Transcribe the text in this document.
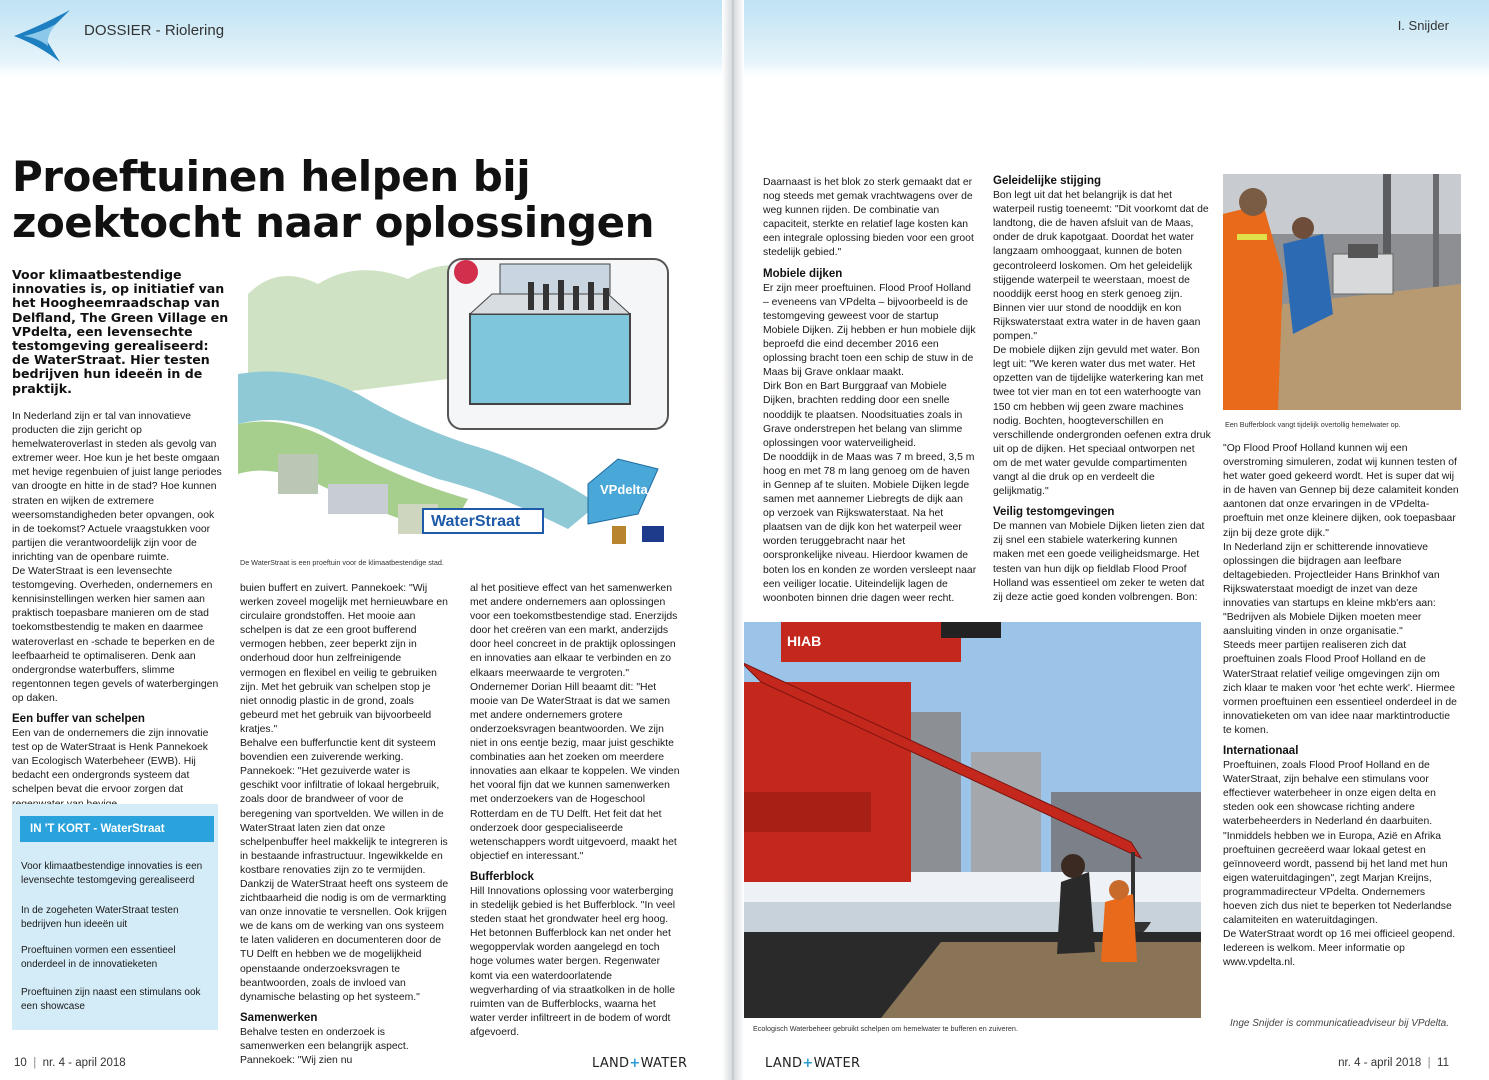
DOSSIER - Riolering
Proeftuinen helpen bij zoektocht naar oplossingen
Voor klimaatbestendige innovaties is, op initiatief van het Hoogheemraadschap van Delfland, The Green Village en VPdelta, een levensechte testomgeving gerealiseerd: de WaterStraat. Hier testen bedrijven hun ideeën in de praktijk.
VPdelta
WaterStraat
De WaterStraat is een proeftuin voor de klimaatbestendige stad.

In Nederland zijn er tal van innovatieve producten die zijn gericht op hemelwateroverlast in steden als gevolg van extremer weer. Hoe kun je het beste omgaan met hevige regenbuien of juist lange periodes van droogte en hitte in de stad? Hoe kunnen straten en wijken de extremere weersomstandigheden beter opvangen, ook in de toekomst? Actuele vraagstukken voor partijen die verantwoordelijk zijn voor de inrichting van de openbare ruimte.

De WaterStraat is een levensechte testomgeving. Overheden, ondernemers en kennisinstellingen werken hier samen aan praktisch toepasbare manieren om de stad toekomstbestendig te maken en daarmee wateroverlast en -schade te beperken en de leefbaarheid te optimaliseren. Denk aan ondergrondse waterbuffers, slimme regentonnen tegen gevels of waterbergingen op daken.

Een buffer van schelpen

Een van de ondernemers die zijn innovatie test op de WaterStraat is Henk Pannekoek van Ecologisch Waterbeheer (EWB). Hij bedacht een ondergronds systeem dat schelpen bevat die ervoor zorgen dat

IN 'T KORT - WaterStraat
Voor klimaatbestendige innovaties is een levensechte testomgeving gerealiseerd
In de zogeheten WaterStraat testen bedrijven hun ideeën uit
Proeftuinen vormen een essentieel onderdeel in de innovatieketen
Proeftuinen zijn naast een stimulans ook een showcase

buien buffert en zuivert. Pannekoek: "Wij werken zoveel mogelijk met hernieuwbare en circulaire grondstoffen. Het mooie aan schelpen is dat ze een groot bufferend vermogen hebben, zeer beperkt zijn in onderhoud door hun zelfreinigende vermogen en flexibel en veilig te gebruiken zijn. Met het gebruik van schelpen stop je niet onnodig plastic in de grond, zoals gebeurd met het gebruik van bijvoorbeeld kratjes."

Behalve een bufferfunctie kent dit systeem bovendien een zuiverende werking. Pannekoek: "Het gezuiverde water is geschikt voor infiltratie of lokaal hergebruik, zoals door de brandweer of voor de beregening van sportvelden. We willen in de WaterStraat laten zien dat onze schelpenbuffer heel makkelijk te integreren is in bestaande infrastructuur. Ingewikkelde en kostbare renovaties zijn zo te vermijden. Dankzij de WaterStraat heeft ons systeem de zichtbaarheid die nodig is om de vermarkting van onze innovatie te versnellen. Ook krijgen we de kans om de werking van ons systeem te laten valideren en documenteren door de TU Delft en hebben we de mogelijkheid openstaande onderzoeksvragen te beantwoorden, zoals de invloed van dynamische belasting op het systeem."

Samenwerken

Behalve testen en onderzoek is samenwerken een belangrijk aspect. Pannekoek: "Wij zien nu

al het positieve effect van het samenwerken met andere ondernemers aan oplossingen voor een toekomstbestendige stad. Enerzijds door het creëren van een markt, anderzijds door heel concreet in de praktijk oplossingen en innovaties aan elkaar te verbinden en zo elkaars meerwaarde te vergroten."

Ondernemer Dorian Hill beaamt dit: "Het mooie van De WaterStraat is dat we samen met andere ondernemers grotere onderzoeksvragen beantwoorden. We zijn niet in ons eentje bezig, maar juist geschikte combinaties aan het zoeken om meerdere innovaties aan elkaar te koppelen. We vinden het vooral fijn dat we kunnen samenwerken met onderzoekers van de Hogeschool Rotterdam en de TU Delft. Het feit dat het onderzoek door gespecialiseerde wetenschappers wordt uitgevoerd, maakt het objectief en interessant."

Bufferblock

Hill Innovations oplossing voor waterberging in stedelijk gebied is het Bufferblock. "In veel steden staat het grondwater heel erg hoog. Het betonnen Bufferblock kan net onder het wegoppervlak worden aangelegd en toch hoge volumes water bergen. Regenwater komt via een waterdoorlatende wegverharding of via straatkolken in de holle ruimten van de Bufferblocks, waarna het water verder infiltreert in de bodem of wordt afgevoerd.

10  |  nr. 4 - april 2018	LAND+WATER
I. Snijder

Daarnaast is het blok zo sterk gemaakt dat er nog steeds met gemak vrachtwagens over de weg kunnen rijden. De combinatie van capaciteit, sterkte en relatief lage kosten kan een integrale oplossing bieden voor een groot stedelijk gebied."

Mobiele dijken

Er zijn meer proeftuinen. Flood Proof Holland – eveneens van VPdelta – bijvoorbeeld is de testomgeving geweest voor de startup Mobiele Dijken. Zij hebben er hun mobiele dijk beproefd die eind december 2016 een oplossing bracht toen een schip de stuw in de Maas bij Grave onklaar maakt.

Dirk Bon en Bart Burggraaf van Mobiele Dijken, brachten redding door een snelle nooddijk te plaatsen. Noodsituaties zoals in Grave onderstrepen het belang van slimme oplossingen voor waterveiligheid.

De nooddijk in de Maas was 7 m breed, 3,5 m hoog en met 78 m lang genoeg om de haven in Gennep af te sluiten. Mobiele Dijken legde samen met aannemer Liebregts de dijk aan op verzoek van Rijkswaterstaat. Na het plaatsen van de dijk kon het waterpeil weer worden teruggebracht naar het oorspronkelijke niveau. Hierdoor kwamen de boten los en konden ze worden versleept naar een veiliger locatie. Uiteindelijk lagen de woonboten binnen drie dagen weer recht.

Geleidelijke stijging

Bon legt uit dat het belangrijk is dat het waterpeil rustig toeneemt: "Dit voorkomt dat de landtong, die de haven afsluit van de Maas, onder de druk kapotgaat. Doordat het water langzaam omhooggaat, kunnen de boten gecontroleerd loskomen. Om het geleidelijk stijgende waterpeil te weerstaan, moest de nooddijk eerst hoog en sterk genoeg zijn. Binnen vier uur stond de nooddijk en kon Rijkswaterstaat extra water in de haven gaan pompen."

De mobiele dijken zijn gevuld met water. Bon legt uit: "We keren water dus met water. Het opzetten van de tijdelijke waterkering kan met twee tot vier man en tot een waterhoogte van 150 cm hebben wij geen zware machines nodig. Bochten, hoogteverschillen en verschillende ondergronden oefenen extra druk uit op de dijken. Het speciaal ontworpen net om de met water gevulde compartimenten vangt al die druk op en verdeelt die gelijkmatig."

Veilig testomgevingen

De mannen van Mobiele Dijken lieten zien dat zij snel een stabiele waterkering kunnen maken met een goede veiligheidsmarge. Het testen van hun dijk op fieldlab Flood Proof Holland was essentieel om zeker te weten dat zij deze actie goed konden volbrengen. Bon:

Een Bufferblock vangt tijdelijk overtollig hemelwater op.
HIAB
Ecologisch Waterbeheer gebruikt schelpen om hemelwater te bufferen en zuiveren.

"Op Flood Proof Holland kunnen wij een overstroming simuleren, zodat wij kunnen testen of het water goed gekeerd wordt. Het is super dat wij in de haven van Gennep bij deze calamiteit konden aantonen dat onze ervaringen in de VPdelta-proeftuin met onze kleinere dijken, ook toepasbaar zijn bij deze grote dijk."

In Nederland zijn er schitterende innovatieve oplossingen die bijdragen aan leefbare deltagebieden. Projectleider Hans Brinkhof van Rijkswaterstaat moedigt de inzet van deze innovaties van startups en kleine mkb'ers aan: "Bedrijven als Mobiele Dijken moeten meer aansluiting vinden in onze organisatie."

Steeds meer partijen realiseren zich dat proeftuinen zoals Flood Proof Holland en de WaterStraat relatief veilige omgevingen zijn om zich klaar te maken voor 'het echte werk'. Hiermee vormen proeftuinen een essentieel onderdeel in de innovatieketen om van idee naar marktintroductie te komen.

Internationaal

Proeftuinen, zoals Flood Proof Holland en de WaterStraat, zijn behalve een stimulans voor effectiever waterbeheer in onze eigen delta en steden ook een showcase richting andere waterbeheerders in Nederland én daarbuiten. "Inmiddels hebben we in Europa, Azië en Afrika proeftuinen gecreëerd waar lokaal getest en geïnnoveerd wordt, passend bij het land met hun eigen wateruitdagingen", zegt Marjan Kreijns, programmadirecteur VPdelta. Ondernemers hoeven zich dus niet te beperken tot Nederlandse calamiteiten en wateruitdagingen.

De WaterStraat wordt op 16 mei officieel geopend. Iedereen is welkom. Meer informatie op www.vpdelta.nl.

Inge Snijder is communicatieadviseur bij VPdelta.
LAND+WATER	nr. 4 - april 2018  |  11
